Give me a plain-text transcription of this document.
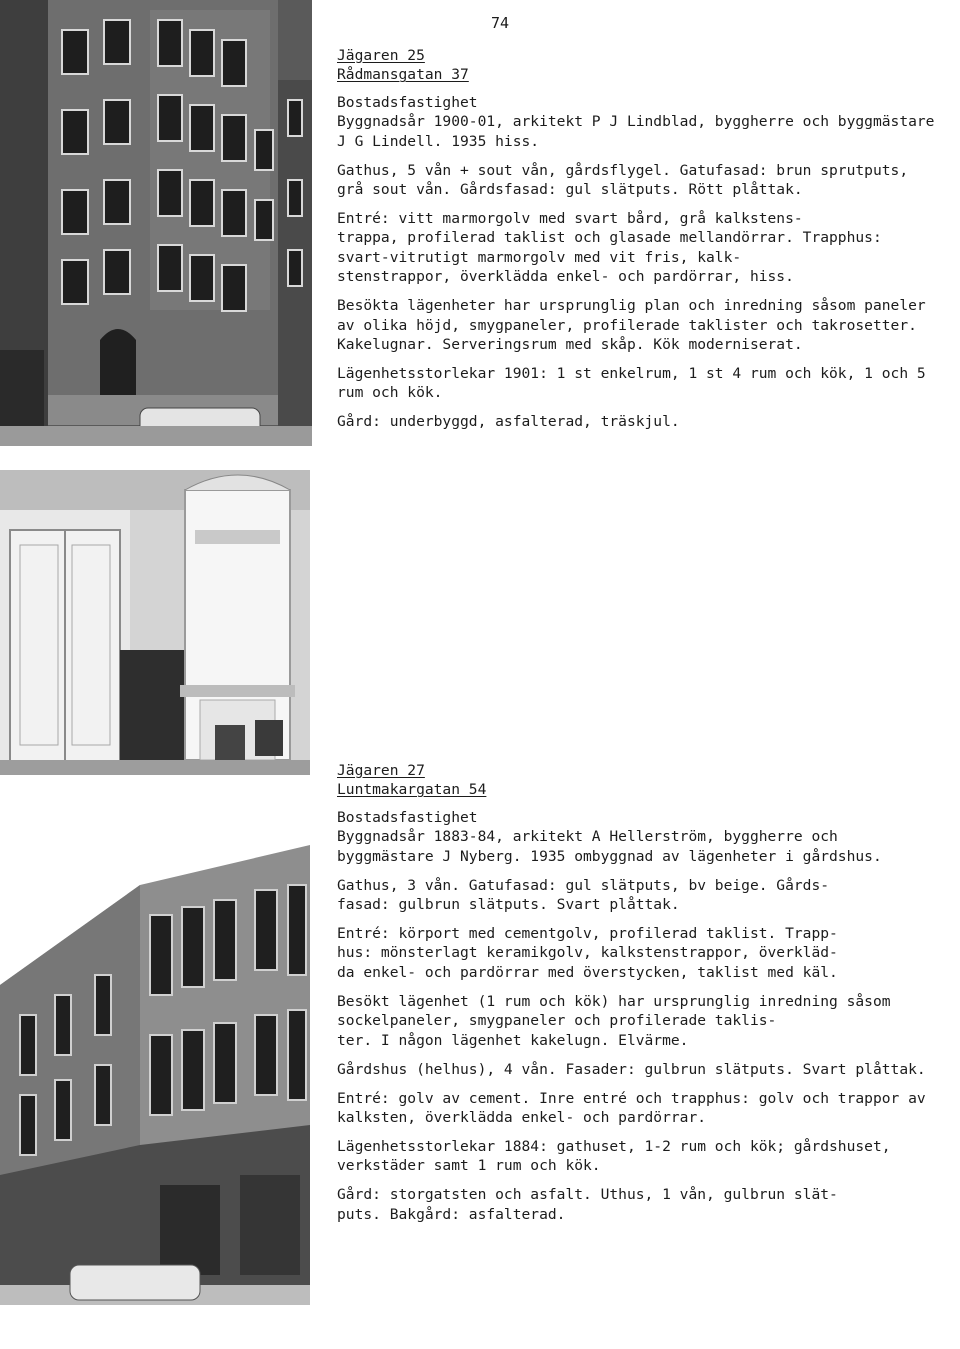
74

Jägaren 25

Rådmansgatan 37

Bostadsfastighet
Byggnadsår 1900-01, arkitekt P J Lindblad, byggherre och byggmästare J G Lindell. 1935 hiss.

Gathus, 5 vån + sout vån, gårdsflygel. Gatufasad: brun sprutputs, grå sout vån. Gårdsfasad: gul slätputs. Rött plåttak.

Entré: vitt marmorgolv med svart bård, grå kalkstens-
trappa, profilerad taklist och glasade mellandörrar. Trapphus: svart-vitrutigt marmorgolv med vit fris, kalk-
stenstrappor, överklädda enkel- och pardörrar, hiss.

Besökta lägenheter har ursprunglig plan och inredning såsom paneler av olika höjd, smygpaneler, profilerade taklister och takrosetter. Kakelugnar. Serveringsrum med skåp. Kök moderniserat.

Lägenhetsstorlekar 1901: 1 st enkelrum, 1 st 4 rum och kök, 1 och 5 rum och kök.

Gård: underbyggd, asfalterad, träskjul.

Jägaren 27

Luntmakargatan 54

Bostadsfastighet
Byggnadsår 1883-84, arkitekt A Hellerström, byggherre och byggmästare J Nyberg. 1935 ombyggnad av lägenheter i gårdshus.

Gathus, 3 vån. Gatufasad: gul slätputs, bv beige. Gårds-
fasad: gulbrun slätputs. Svart plåttak.

Entré: körport med cementgolv, profilerad taklist. Trapp-
hus: mönsterlagt keramikgolv, kalkstenstrappor, överkläd-
da enkel- och pardörrar med överstycken, taklist med käl.

Besökt lägenhet (1 rum och kök) har ursprunglig inredning såsom sockelpaneler, smygpaneler och profilerade taklis-
ter. I någon lägenhet kakelugn. Elvärme.

Gårdshus (helhus), 4 vån. Fasader: gulbrun slätputs. Svart plåttak.

Entré: golv av cement. Inre entré och trapphus: golv och trappor av kalksten, överklädda enkel- och pardörrar.

Lägenhetsstorlekar 1884: gathuset, 1-2 rum och kök; gårdshuset, verkstäder samt 1 rum och kök.

Gård: storgatsten och asfalt. Uthus, 1 vån, gulbrun slät-
puts. Bakgård: asfalterad.
